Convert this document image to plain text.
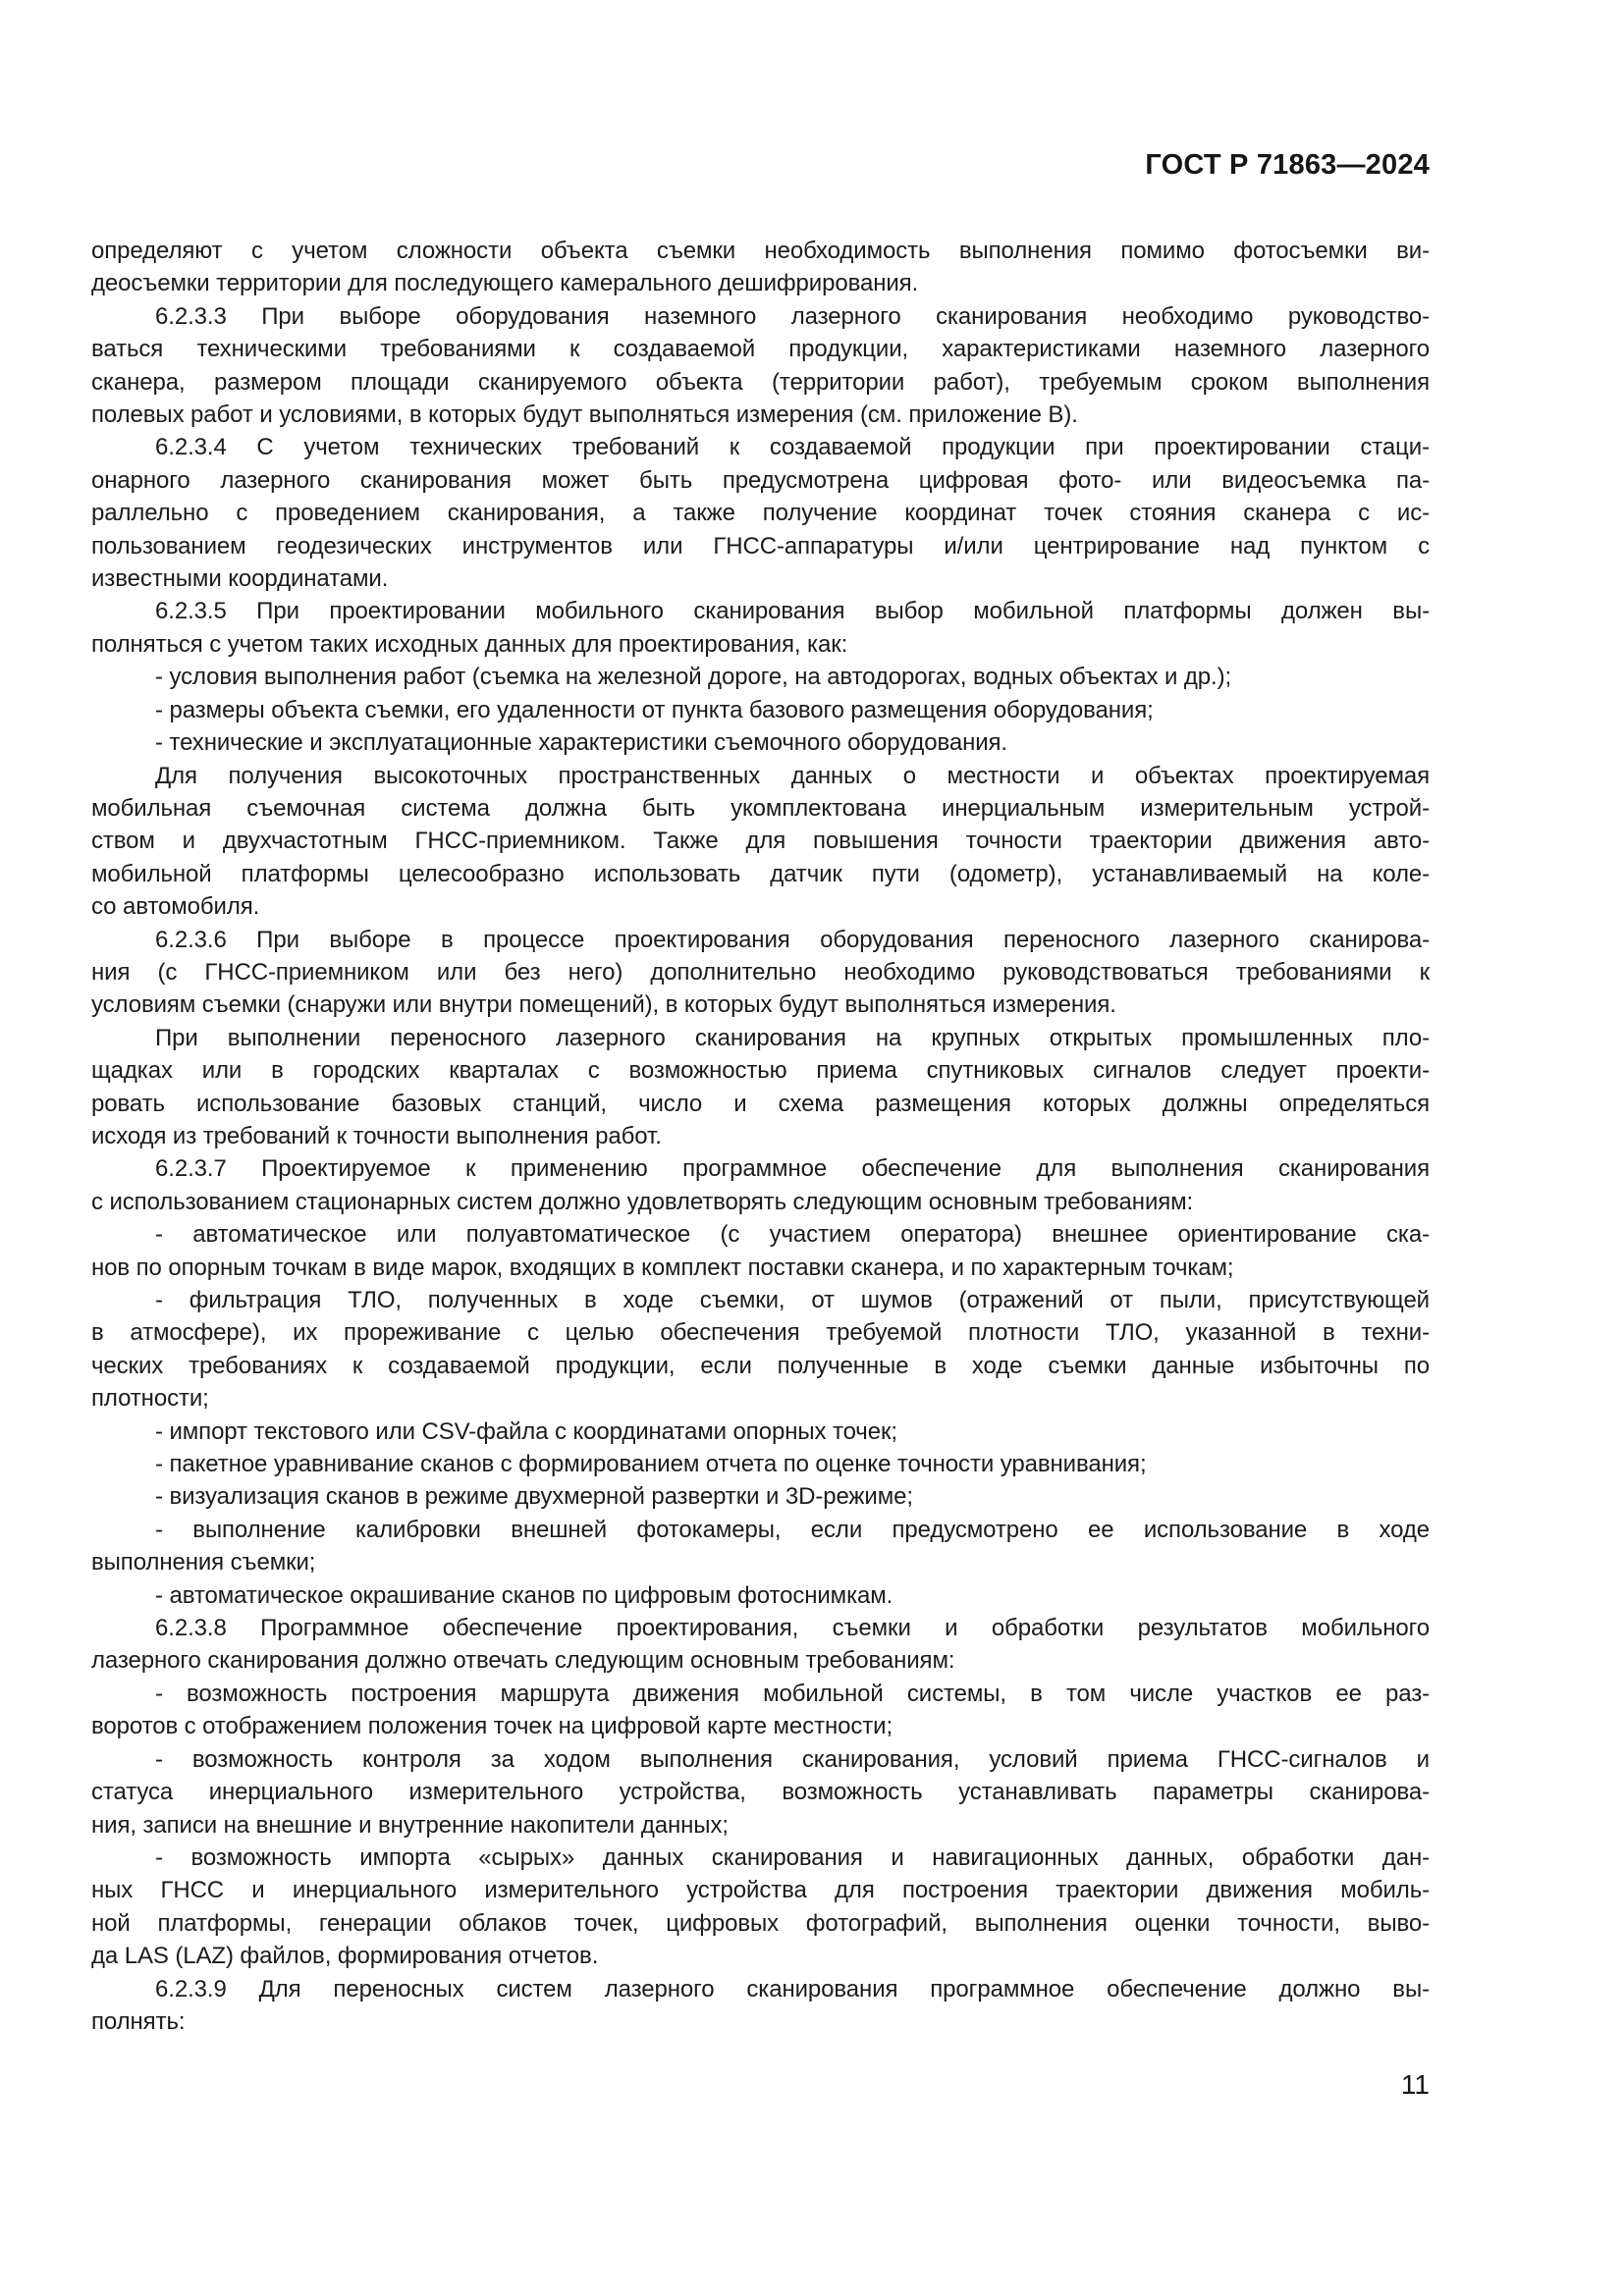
ГОСТ Р 71863—2024
определяют с учетом сложности объекта съемки необходимость выполнения помимо фотосъемки ви-
деосъемки территории для последующего камерального дешифрирования.
6.2.3.3 При выборе оборудования наземного лазерного сканирования необходимо руководство-
ваться техническими требованиями к создаваемой продукции, характеристиками наземного лазерного
сканера, размером площади сканируемого объекта (территории работ), требуемым сроком выполнения
полевых работ и условиями, в которых будут выполняться измерения (см. приложение В).
6.2.3.4 С учетом технических требований к создаваемой продукции при проектировании стаци-
онарного лазерного сканирования может быть предусмотрена цифровая фото- или видеосъемка па-
раллельно с проведением сканирования, а также получение координат точек стояния сканера с ис-
пользованием геодезических инструментов или ГНСС-аппаратуры и/или центрирование над пунктом с
известными координатами.
6.2.3.5 При проектировании мобильного сканирования выбор мобильной платформы должен вы-
полняться с учетом таких исходных данных для проектирования, как:
- условия выполнения работ (съемка на железной дороге, на автодорогах, водных объектах и др.);
- размеры объекта съемки, его удаленности от пункта базового размещения оборудования;
- технические и эксплуатационные характеристики съемочного оборудования.
Для получения высокоточных пространственных данных о местности и объектах проектируемая
мобильная съемочная система должна быть укомплектована инерциальным измерительным устрой-
ством и двухчастотным ГНСС-приемником. Также для повышения точности траектории движения авто-
мобильной платформы целесообразно использовать датчик пути (одометр), устанавливаемый на коле-
со автомобиля.
6.2.3.6 При выборе в процессе проектирования оборудования переносного лазерного сканирова-
ния (с ГНСС-приемником или без него) дополнительно необходимо руководствоваться требованиями к
условиям съемки (снаружи или внутри помещений), в которых будут выполняться измерения.
При выполнении переносного лазерного сканирования на крупных открытых промышленных пло-
щадках или в городских кварталах с возможностью приема спутниковых сигналов следует проекти-
ровать использование базовых станций, число и схема размещения которых должны определяться
исходя из требований к точности выполнения работ.
6.2.3.7 Проектируемое к применению программное обеспечение для выполнения сканирования
с использованием стационарных систем должно удовлетворять следующим основным требованиям:
- автоматическое или полуавтоматическое (с участием оператора) внешнее ориентирование ска-
нов по опорным точкам в виде марок, входящих в комплект поставки сканера, и по характерным точкам;
- фильтрация ТЛО, полученных в ходе съемки, от шумов (отражений от пыли, присутствующей
в атмосфере), их прореживание с целью обеспечения требуемой плотности ТЛО, указанной в техни-
ческих требованиях к создаваемой продукции, если полученные в ходе съемки данные избыточны по
плотности;
- импорт текстового или CSV-файла с координатами опорных точек;
- пакетное уравнивание сканов с формированием отчета по оценке точности уравнивания;
- визуализация сканов в режиме двухмерной развертки и 3D-режиме;
- выполнение калибровки внешней фотокамеры, если предусмотрено ее использование в ходе
выполнения съемки;
- автоматическое окрашивание сканов по цифровым фотоснимкам.
6.2.3.8 Программное обеспечение проектирования, съемки и обработки результатов мобильного
лазерного сканирования должно отвечать следующим основным требованиям:
- возможность построения маршрута движения мобильной системы, в том числе участков ее раз-
воротов с отображением положения точек на цифровой карте местности;
- возможность контроля за ходом выполнения сканирования, условий приема ГНСС-сигналов и
статуса инерциального измерительного устройства, возможность устанавливать параметры сканирова-
ния, записи на внешние и внутренние накопители данных;
- возможность импорта «сырых» данных сканирования и навигационных данных, обработки дан-
ных ГНСС и инерциального измерительного устройства для построения траектории движения мобиль-
ной платформы, генерации облаков точек, цифровых фотографий, выполнения оценки точности, выво-
да LAS (LAZ) файлов, формирования отчетов.
6.2.3.9 Для переносных систем лазерного сканирования программное обеспечение должно вы-
полнять:
11
